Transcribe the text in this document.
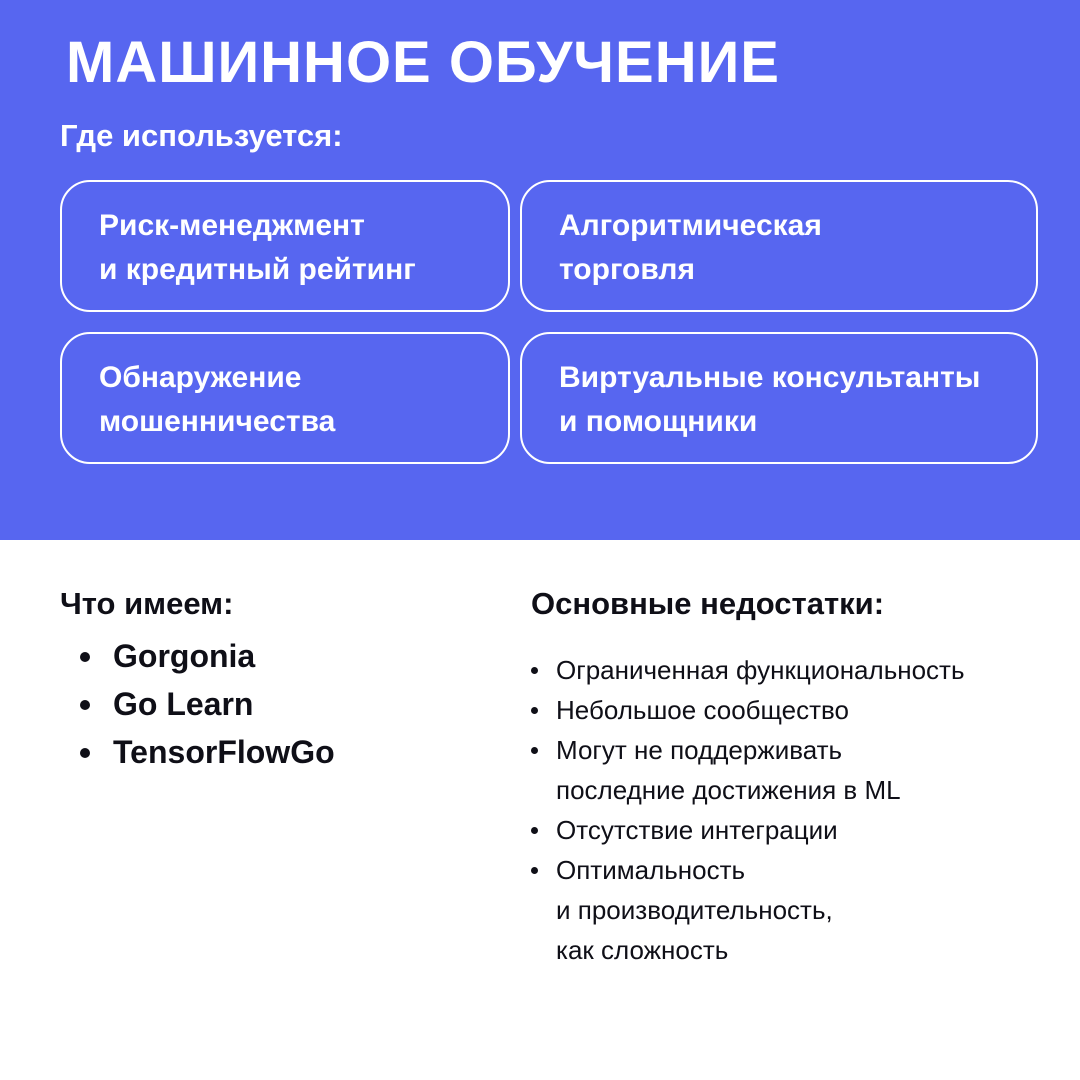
МАШИННОЕ ОБУЧЕНИЕ
Где используется:
Риск-менеджмент
и кредитный рейтинг
Алгоритмическая
торговля
Обнаружение
мошенничества
Виртуальные консультанты
и помощники
Что имеем:
Gorgonia
Go Learn
TensorFlowGo
Основные недостатки:
Ограниченная функциональность
Небольшое сообщество
Могут не поддерживать
последние достижения в ML
Отсутствие интеграции
Оптимальность
и производительность,
как сложность
